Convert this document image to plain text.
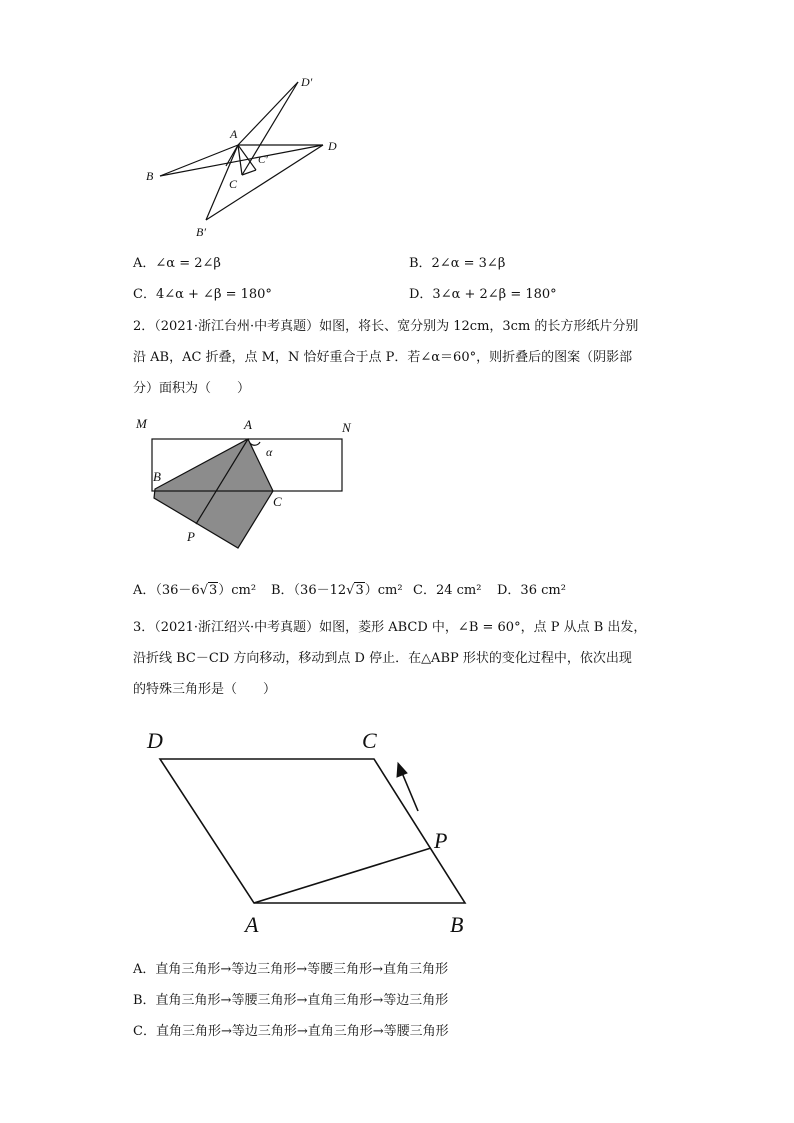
D′
A
D
C′
B
C
B′
A．∠α = 2∠β	B．2∠α = 3∠β
C．4∠α + ∠β = 180°	D．3∠α + 2∠β = 180°
2．（2021·浙江台州·中考真题）如图，将长、宽分别为 12cm，3cm 的长方形纸片分别
沿 AB，AC 折叠，点 M，N 恰好重合于点 P．若∠α＝60°，则折叠后的图案（阴影部
分）面积为（　　）
M	A	N
α
B
C
P
A．（36－6√3）cm² B．（36－12√3）cm² C．24 cm² D．36 cm²
3．（2021·浙江绍兴·中考真题）如图，菱形 ABCD 中，∠B = 60°，点 P 从点 B 出发，
沿折线 BC－CD 方向移动，移动到点 D 停止．在△ABP 形状的变化过程中，依次出现
的特殊三角形是（　　）
D	C
P
A	B
A．直角三角形→等边三角形→等腰三角形→直角三角形
B．直角三角形→等腰三角形→直角三角形→等边三角形
C．直角三角形→等边三角形→直角三角形→等腰三角形
